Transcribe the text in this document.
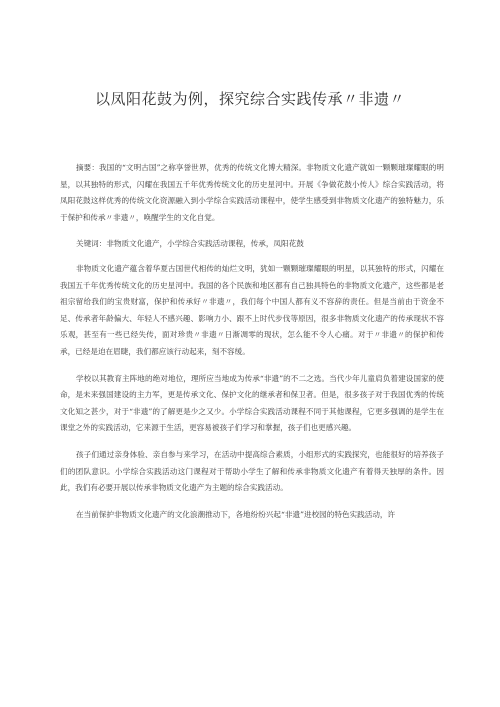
以凤阳花鼓为例，探究综合实践传承〃非遗〃

摘要：我国的“文明古国”之称享誉世界，优秀的传统文化博大精深。非物质文化遗产就如一颗颗璀璨耀眼的明星，以其独特的形式，闪耀在我国五千年优秀传统文化的历史星河中。开展《争做花鼓小传人》综合实践活动，将凤阳花鼓这样优秀的传统文化资源融入到小学综合实践活动课程中，使学生感受到非物质文化遗产的独特魅力，乐于保护和传承〃非遗〃，唤醒学生的文化自觉。

关键词：非物质文化遗产，小学综合实践活动课程，传承，凤阳花鼓

非物质文化遗产蕴含着华夏古国世代相传的灿烂文明，犹如一颗颗璀璨耀眼的明星，以其独特的形式，闪耀在我国五千年优秀传统文化的历史星河中。我国的各个民族和地区都有自己独具特色的非物质文化遗产，这些都是老祖宗留给我们的宝贵财富，保护和传承好〃非遗〃，我们每个中国人都有义不容辞的责任。但是当前由于资金不足、传承者年龄偏大、年轻人不感兴趣、影响力小、跟不上时代步伐等原因，很多非物质文化遗产的传承现状不容乐观，甚至有一些已经失传，面对珍贵〃非遗〃日渐凋零的现状，怎么能不令人心痛。对于〃非遗〃的保护和传承，已经是迫在眉睫，我们都应该行动起来，刻不容缓。

学校以其教育主阵地的绝对地位，理所应当地成为传承“非遗”的不二之选。当代少年儿童肩负着建设国家的使命，是未来强国建设的主力军，更是传承文化、保护文化的继承者和保卫者。但是，很多孩子对于我国优秀的传统文化知之甚少，对于“非遗”的了解更是少之又少。小学综合实践活动课程不同于其他课程，它更多强调的是学生在课堂之外的实践活动，它来源于生活，更容易被孩子们学习和掌握，孩子们也更感兴趣。

孩子们通过亲身体验、亲自参与来学习，在活动中提高综合素质，小组形式的实践探究，也能很好的培养孩子们的团队意识。小学综合实践活动这门课程对于帮助小学生了解和传承非物质文化遗产有着得天独厚的条件。因此，我们有必要开展以传承非物质文化遗产为主题的综合实践活动。

在当前保护非物质文化遗产的文化浪潮推动下，各地纷纷兴起“非遗”进校园的特色实践活动，许
